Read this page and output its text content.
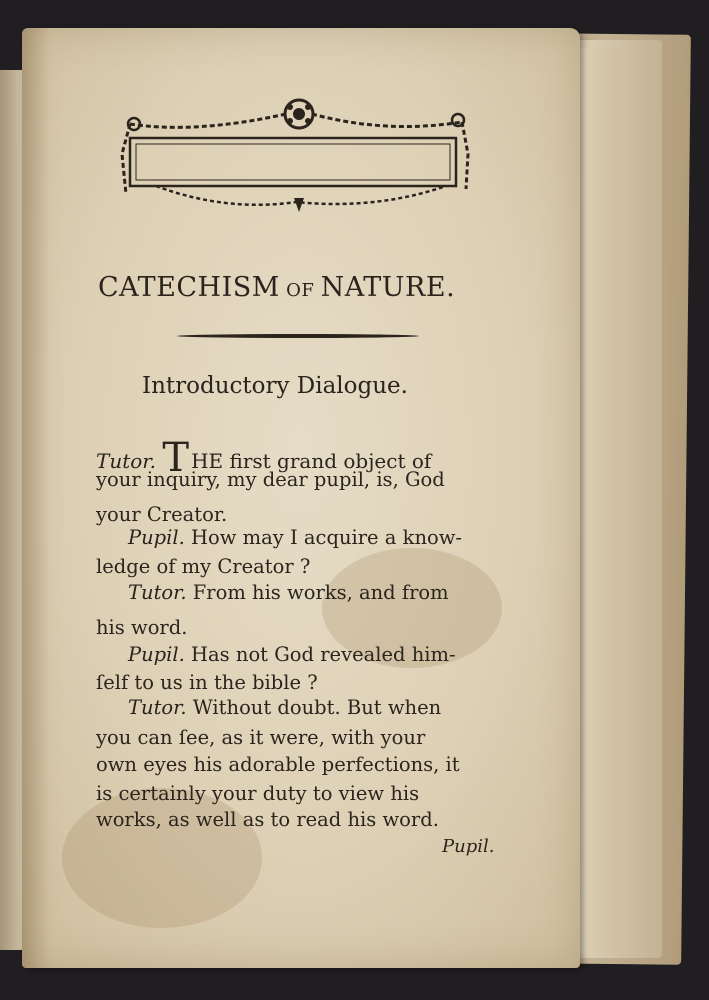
CATECHISM OF NATURE.
Introductory Dialogue.
Tutor. T HE first grand object of
your inquiry, my dear pupil, is, God
your Creator.
Pupil. How may I acquire a know-
ledge of my Creator ?
Tutor. From his works, and from
his word.
Pupil. Has not God revealed him-
ſelf to us in the bible ?
Tutor. Without doubt. But when
you can ſee, as it were, with your
own eyes his adorable perfections, it
is certainly your duty to view his
works, as well as to read his word.
Pupil.
